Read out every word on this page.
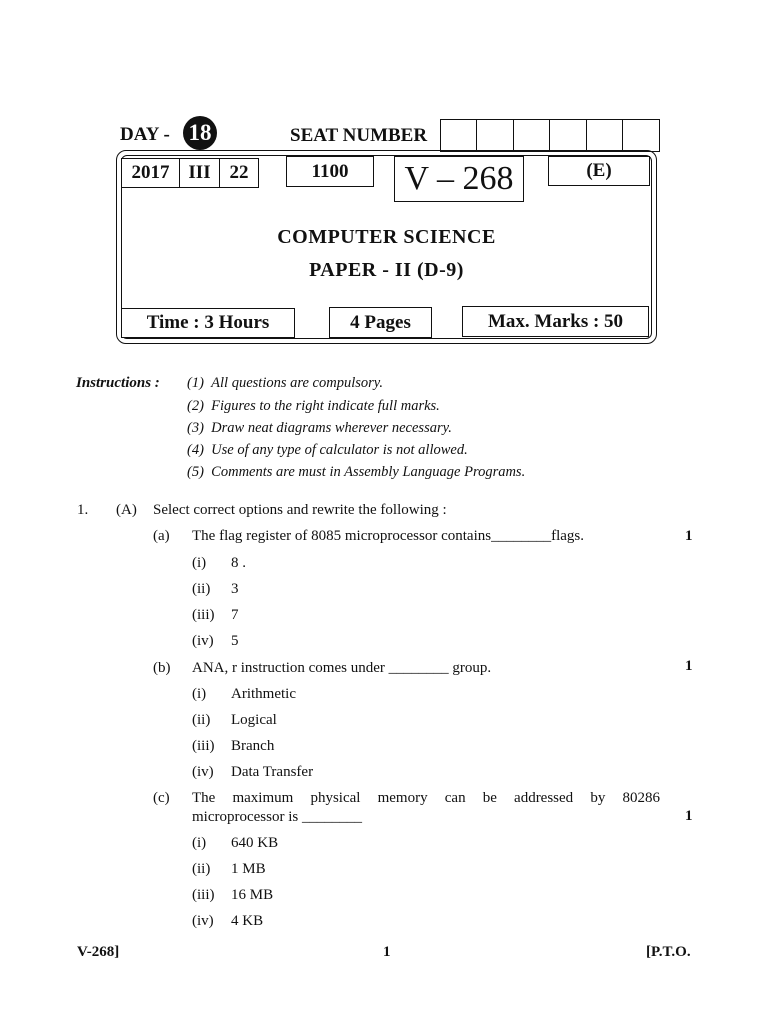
DAY - 18	SEAT NUMBER
2017 III 22	1100	V – 268	(E)
COMPUTER SCIENCE
PAPER - II (D-9)
Time : 3 Hours	4 Pages	Max. Marks : 50
Instructions : (1) All questions are compulsory.
(2) Figures to the right indicate full marks.
(3) Draw neat diagrams wherever necessary.
(4) Use of any type of calculator is not allowed.
(5) Comments are must in Assembly Language Programs.
1. (A) Select correct options and rewrite the following :
(a) The flag register of 8085 microprocessor contains________flags.	1
(i) 8 .
(ii) 3
(iii) 7
(iv) 5
(b) ANA, r instruction comes under ________ group.	1
(i) Arithmetic
(ii) Logical
(iii) Branch
(iv) Data Transfer
(c) The maximum physical memory can be addressed by 80286
microprocessor is ________	1
(i) 640 KB
(ii) 1 MB
(iii) 16 MB
(iv) 4 KB
V-268]	1	[P.T.O.
